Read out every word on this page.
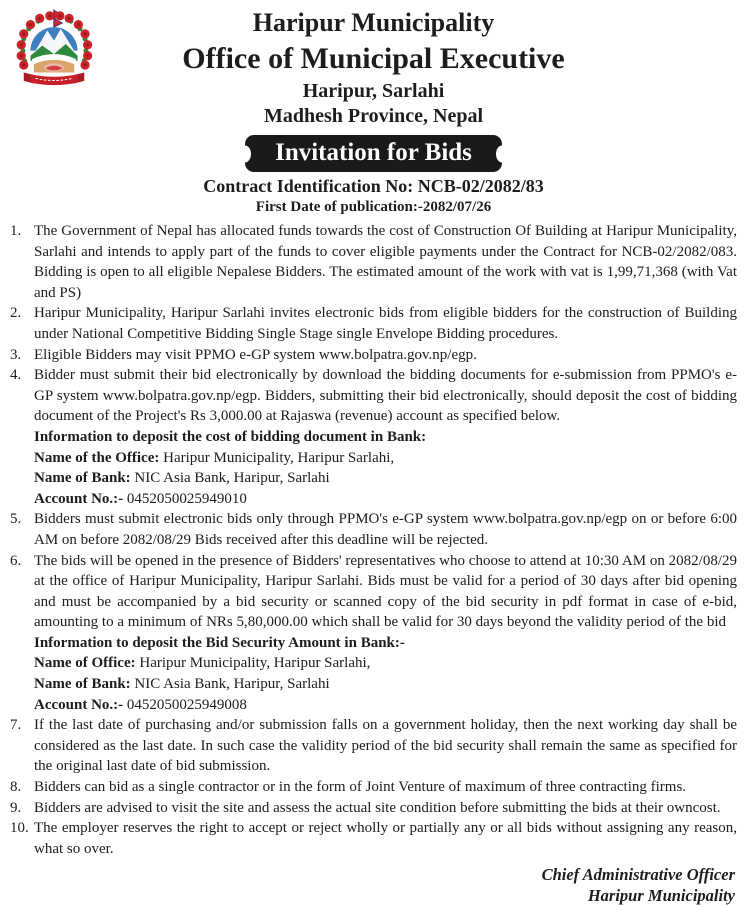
Haripur Municipality
Office of Municipal Executive
Haripur, Sarlahi
Madhesh Province, Nepal
Invitation for Bids
Contract Identification No: NCB-02/2082/83
First Date of publication:-2082/07/26
1. The Government of Nepal has allocated funds towards the cost of Construction Of Building at Haripur Municipality, Sarlahi and intends to apply part of the funds to cover eligible payments under the Contract for NCB-02/2082/083. Bidding is open to all eligible Nepalese Bidders. The estimated amount of the work with vat is 1,99,71,368 (with Vat and PS)
2. Haripur Municipality, Haripur Sarlahi invites electronic bids from eligible bidders for the construction of Building under National Competitive Bidding Single Stage single Envelope Bidding procedures.
3. Eligible Bidders may visit PPMO e-GP system www.bolpatra.gov.np/egp.
4. Bidder must submit their bid electronically by download the bidding documents for e-submission from PPMO's e-GP system www.bolpatra.gov.np/egp. Bidders, submitting their bid electronically, should deposit the cost of bidding document of the Project's Rs 3,000.00 at Rajaswa (revenue) account as specified below.
Information to deposit the cost of bidding document in Bank:
Name of the Office: Haripur Municipality, Haripur Sarlahi,
Name of Bank: NIC Asia Bank, Haripur, Sarlahi
Account No.:- 0452050025949010
5. Bidders must submit electronic bids only through PPMO's e-GP system www.bolpatra.gov.np/egp on or before 6:00 AM on before 2082/08/29 Bids received after this deadline will be rejected.
6. The bids will be opened in the presence of Bidders' representatives who choose to attend at 10:30 AM on 2082/08/29 at the office of Haripur Municipality, Haripur Sarlahi. Bids must be valid for a period of 30 days after bid opening and must be accompanied by a bid security or scanned copy of the bid security in pdf format in case of e-bid, amounting to a minimum of NRs 5,80,000.00 which shall be valid for 30 days beyond the validity period of the bid
Information to deposit the Bid Security Amount in Bank:-
Name of Office: Haripur Municipality, Haripur Sarlahi,
Name of Bank: NIC Asia Bank, Haripur, Sarlahi
Account No.:- 0452050025949008
7. If the last date of purchasing and/or submission falls on a government holiday, then the next working day shall be considered as the last date. In such case the validity period of the bid security shall remain the same as specified for the original last date of bid submission.
8. Bidders can bid as a single contractor or in the form of Joint Venture of maximum of three contracting firms.
9. Bidders are advised to visit the site and assess the actual site condition before submitting the bids at their owncost.
10. The employer reserves the right to accept or reject wholly or partially any or all bids without assigning any reason, what so over.
Chief Administrative Officer
Haripur Municipality
